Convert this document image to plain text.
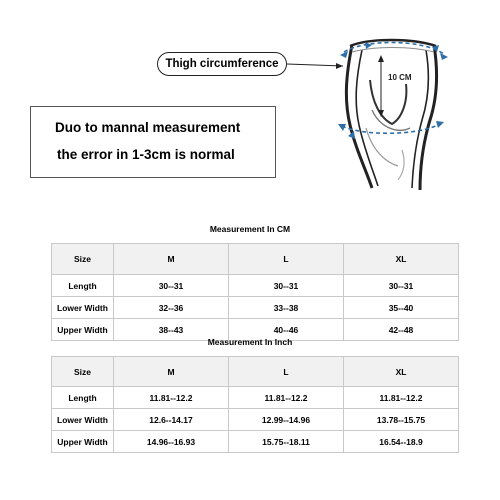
10 CM
Thigh circumference
Duo to mannal measurement
the error in 1-3cm is normal
Measurement In CM
Size	M	L	XL
Length	30--31	30--31	30--31
Lower Width	32--36	33--38	35--40
Upper Width	38--43	40--46	42--48
Measurement In Inch
Size	M	L	XL
Length	11.81--12.2	11.81--12.2	11.81--12.2
Lower Width	12.6--14.17	12.99--14.96	13.78--15.75
Upper Width	14.96--16.93	15.75--18.11	16.54--18.9
